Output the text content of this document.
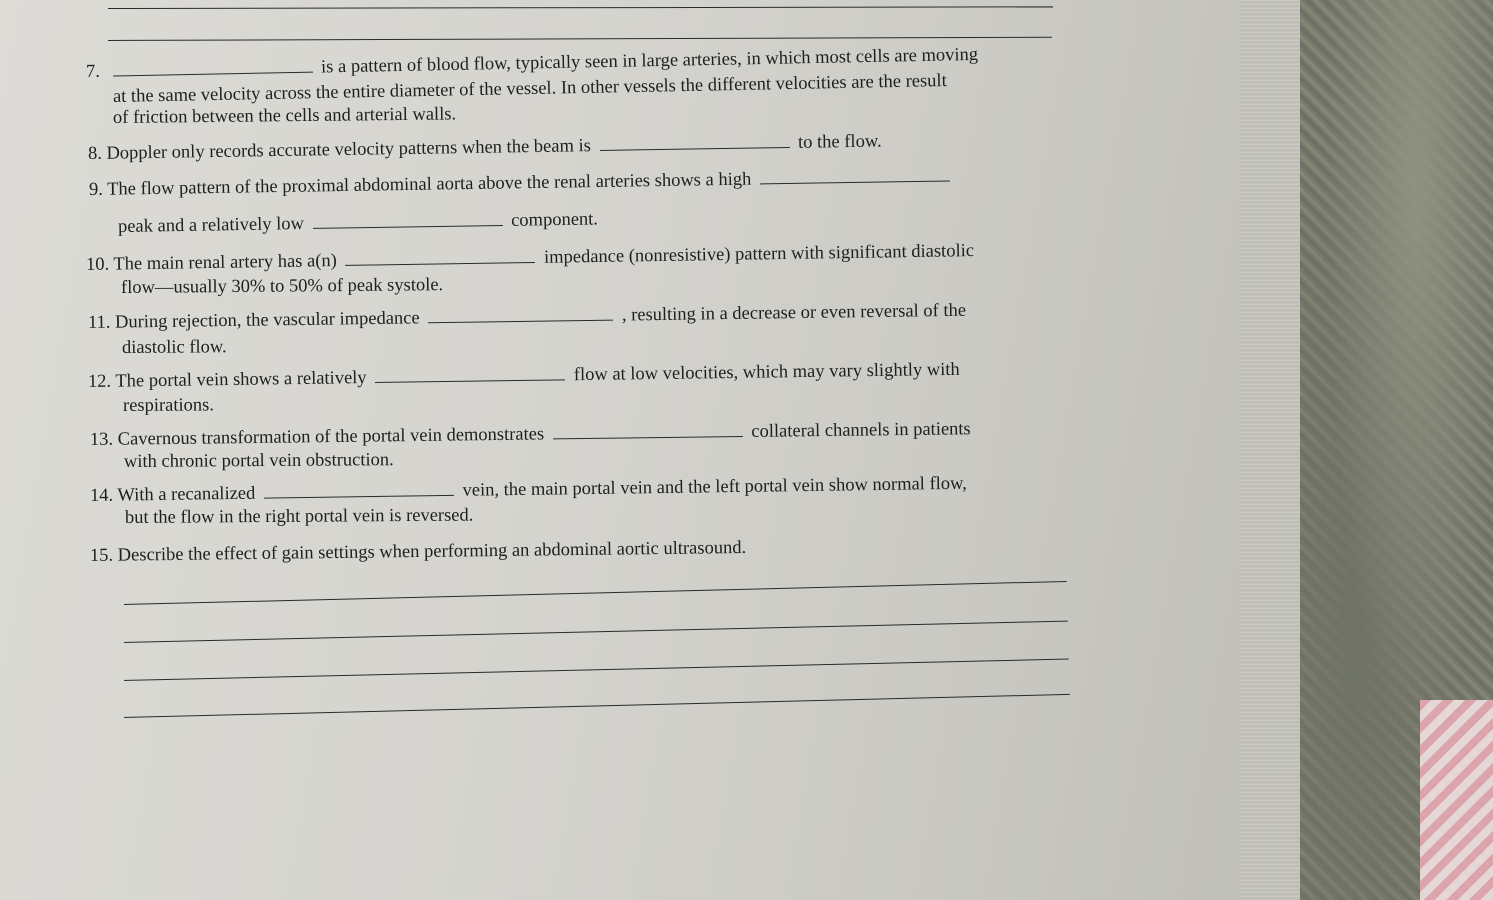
7.	is a pattern of blood flow, typically seen in large arteries, in which most cells are moving
at the same velocity across the entire diameter of the vessel. In other vessels the different velocities are the result
of friction between the cells and arterial walls.
8. Doppler only records accurate velocity patterns when the beam is	to the flow.
9. The flow pattern of the proximal abdominal aorta above the renal arteries shows a high
peak and a relatively low	component.
10. The main renal artery has a(n)	impedance (nonresistive) pattern with significant diastolic
flow—usually 30% to 50% of peak systole.
11. During rejection, the vascular impedance	, resulting in a decrease or even reversal of the
diastolic flow.
12. The portal vein shows a relatively	flow at low velocities, which may vary slightly with
respirations.
13. Cavernous transformation of the portal vein demonstrates	collateral channels in patients
with chronic portal vein obstruction.
14. With a recanalized	vein, the main portal vein and the left portal vein show normal flow,
but the flow in the right portal vein is reversed.
15. Describe the effect of gain settings when performing an abdominal aortic ultrasound.
